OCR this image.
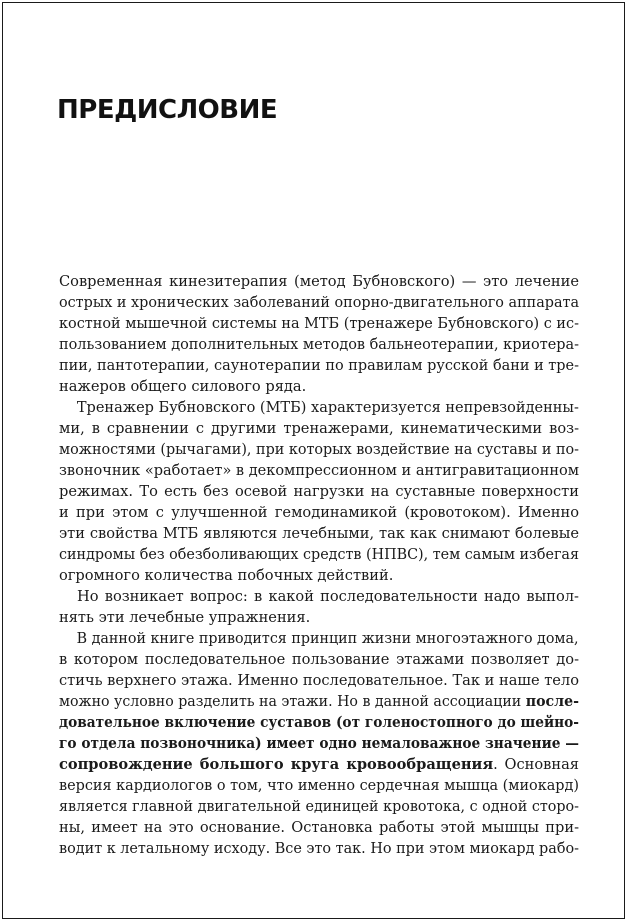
ПРЕДИСЛОВИЕ
Современная кинезитерапия (метод Бубновского) — это лечение
острых и хронических заболеваний опорно-двигательного аппарата
костной мышечной системы на МТБ (тренажере Бубновского) с ис-
пользованием дополнительных методов бальнеотерапии, криотера-
пии, пантотерапии, саунотерапии по правилам русской бани и тре-
нажеров общего силового ряда.
Тренажер Бубновского (МТБ) характеризуется непревзойденны-
ми, в сравнении с другими тренажерами, кинематическими воз-
можностями (рычагами), при которых воздействие на суставы и по-
звоночник «работает» в декомпрессионном и антигравитационном
режимах. То есть без осевой нагрузки на суставные поверхности
и при этом с улучшенной гемодинамикой (кровотоком). Именно
эти свойства МТБ являются лечебными, так как снимают болевые
синдромы без обезболивающих средств (НПВС), тем самым избегая
огромного количества побочных действий.
Но возникает вопрос: в какой последовательности надо выпол-
нять эти лечебные упражнения.
В данной книге приводится принцип жизни многоэтажного дома,
в котором последовательное пользование этажами позволяет до-
стичь верхнего этажа. Именно последовательное. Так и наше тело
можно условно разделить на этажи. Но в данной ассоциации после-
довательное включение суставов (от голеностопного до шейно-
го отдела позвоночника) имеет одно немаловажное значение —
сопровождение большого круга кровообращения. Основная
версия кардиологов о том, что именно сердечная мышца (миокард)
является главной двигательной единицей кровотока, с одной сторо-
ны, имеет на это основание. Остановка работы этой мышцы при-
водит к летальному исходу. Все это так. Но при этом миокард рабо-
